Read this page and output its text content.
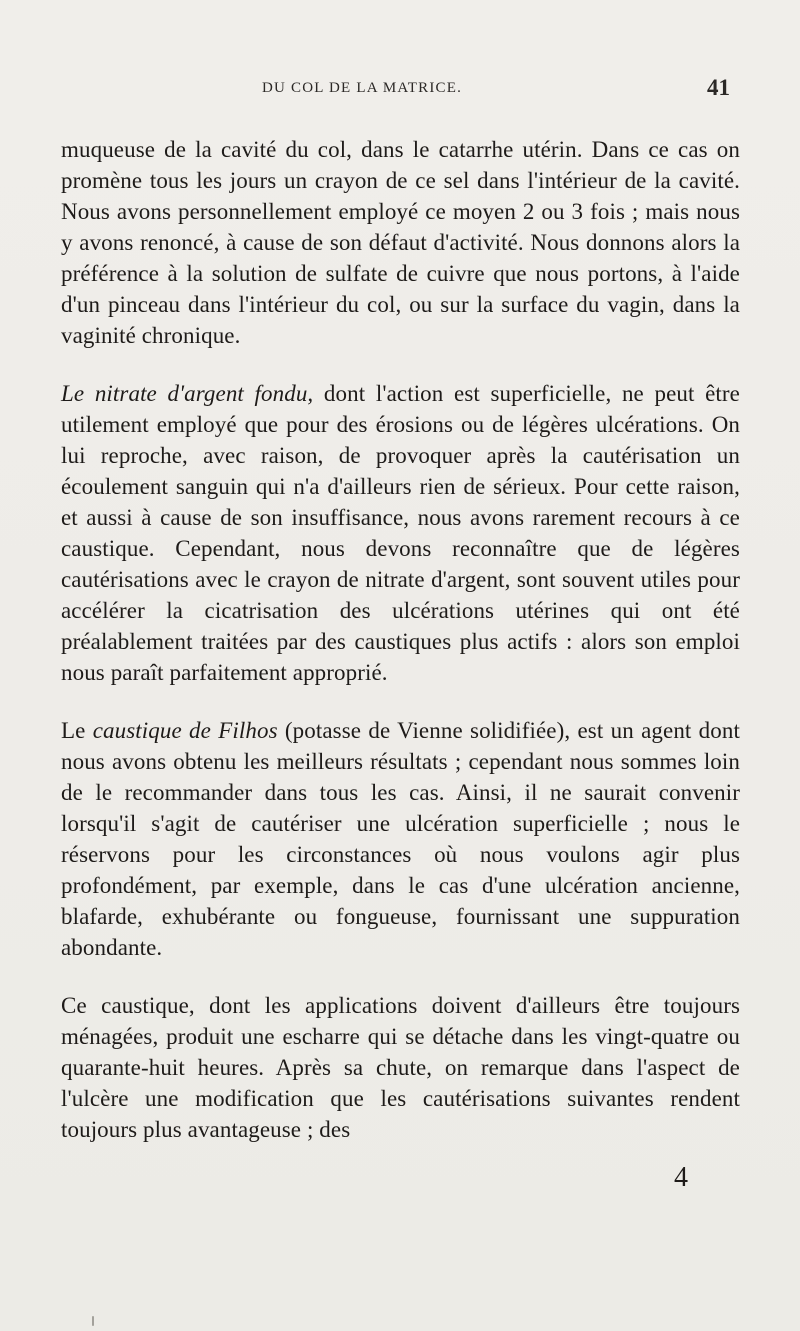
DU COL DE LA MATRICE.	41

muqueuse de la cavité du col, dans le catarrhe utérin. Dans ce cas on promène tous les jours un crayon de ce sel dans l'intérieur de la cavité. Nous avons personnellement employé ce moyen 2 ou 3 fois ; mais nous y avons renoncé, à cause de son défaut d'activité. Nous donnons alors la préférence à la solution de sulfate de cuivre que nous portons, à l'aide d'un pinceau dans l'intérieur du col, ou sur la surface du vagin, dans la vaginité chronique.

Le nitrate d'argent fondu, dont l'action est superficielle, ne peut être utilement employé que pour des érosions ou de légères ulcérations. On lui reproche, avec raison, de provoquer après la cautérisation un écoulement sanguin qui n'a d'ailleurs rien de sérieux. Pour cette raison, et aussi à cause de son insuffisance, nous avons rarement recours à ce caustique. Cependant, nous devons reconnaître que de légères cautérisations avec le crayon de nitrate d'argent, sont souvent utiles pour accélérer la cicatrisation des ulcérations utérines qui ont été préalablement traitées par des caustiques plus actifs : alors son emploi nous paraît parfaitement approprié.

Le caustique de Filhos (potasse de Vienne solidifiée), est un agent dont nous avons obtenu les meilleurs résultats ; cependant nous sommes loin de le recommander dans tous les cas. Ainsi, il ne saurait convenir lorsqu'il s'agit de cautériser une ulcération superficielle ; nous le réservons pour les circonstances où nous voulons agir plus profondément, par exemple, dans le cas d'une ulcération ancienne, blafarde, exhubérante ou fongueuse, fournissant une suppuration abondante.

Ce caustique, dont les applications doivent d'ailleurs être toujours ménagées, produit une escharre qui se détache dans les vingt-quatre ou quarante-huit heures. Après sa chute, on remarque dans l'aspect de l'ulcère une modification que les cautérisations suivantes rendent toujours plus avantageuse ; des

4
